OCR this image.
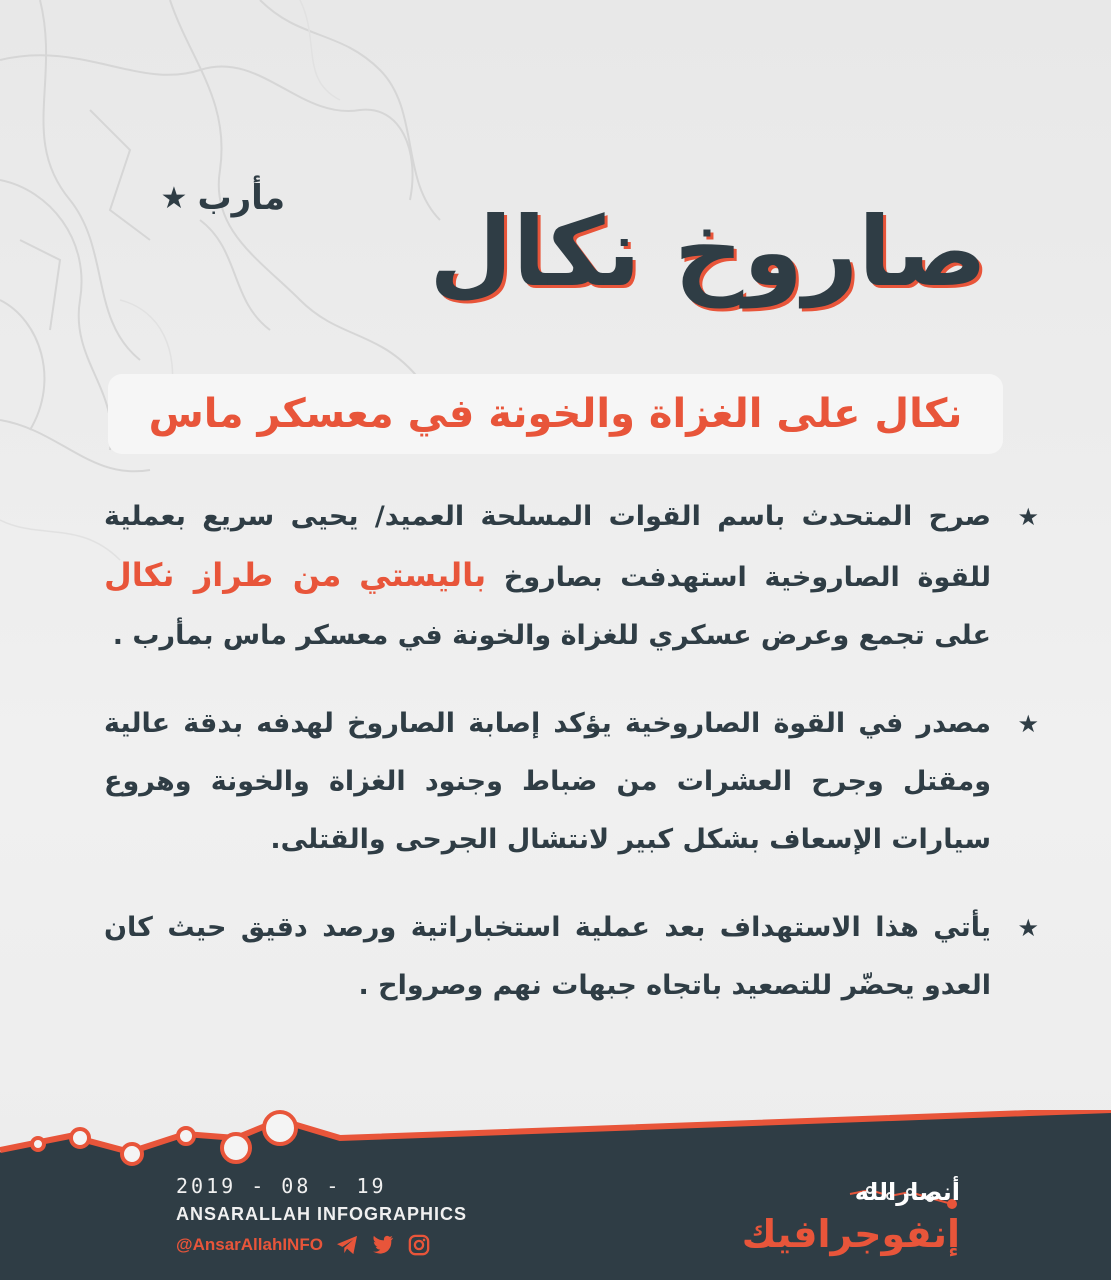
مأرب
★	صاروخ نكال
نكال على الغزاة والخونة في معسكر ماس
★
صرح المتحدث باسم القوات المسلحة العميد/ يحيى سريع بعملية للقوة الصاروخية استهدفت بصاروخ باليستي من طراز نكال على تجمع وعرض عسكري للغزاة والخونة في معسكر ماس بمأرب .
★
مصدر في القوة الصاروخية يؤكد إصابة الصاروخ لهدفه بدقة عالية ومقتل وجرح العشرات من ضباط وجنود الغزاة والخونة وهروع سيارات الإسعاف بشكل كبير لانتشال الجرحى والقتلى.
★
يأتي هذا الاستهداف بعد عملية استخباراتية ورصد دقيق حيث كان العدو يحضّر للتصعيد باتجاه جبهات نهم وصرواح .
2019 - 08 - 19
ANSARALLAH INFOGRAPHICS
@AnsarAllahINFO
أنصارالله
إنفوجرافيك
